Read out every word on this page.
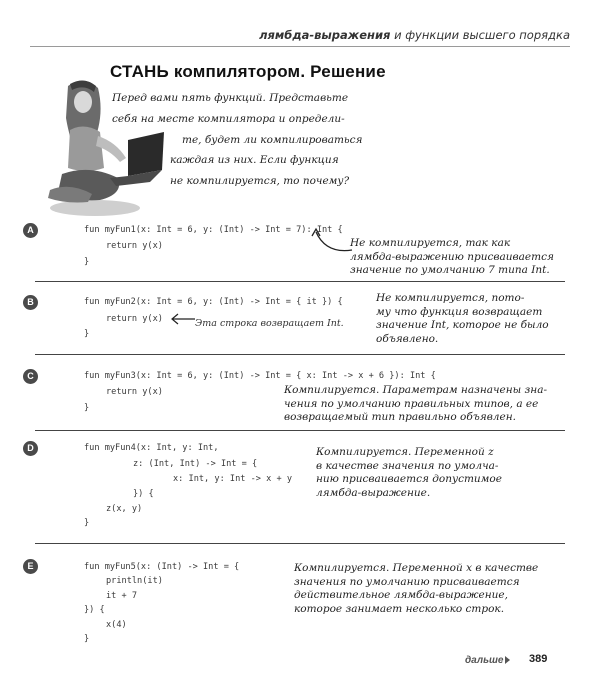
лямбда-выражения и функции высшего порядка
СТАНЬ компилятором. Решение
Перед вами пять функций. Представьте
себя на месте компилятора и определи-
те, будет ли компилироваться
каждая из них. Если функция
не компилируется, то почему?
A	fun myFun1(x: Int = 6, y: (Int) -> Int = 7): Int {
return y(x)
}
Не компилируется, так как
лямбда-выражению присваивается
значение по умолчанию 7 типа Int.
B	fun myFun2(x: Int = 6, y: (Int) -> Int = { it }) {
return y(x)
}
Эта строка возвращает Int.
Не компилируется, пото-
му что функция возвращает
значение Int, которое не было
объявлено.
C	fun myFun3(x: Int = 6, y: (Int) -> Int = { x: Int -> x + 6 }): Int {
return y(x)
}
Компилируется. Параметрам назначены зна-
чения по умолчанию правильных типов, а ее
возвращаемый тип правильно объявлен.
D	fun myFun4(x: Int, y: Int,
z: (Int, Int) -> Int = {
x: Int, y: Int -> x + y
}) {
z(x, y)
}
Компилируется. Переменной z
в качестве значения по умолча-
нию присваивается допустимое
лямбда-выражение.
E	fun myFun5(x: (Int) -> Int = {
println(it)
it + 7
}) {
x(4)
}
Компилируется. Переменной x в качестве
значения по умолчанию присваивается
действительное лямбда-выражение,
которое занимает несколько строк.
дальше 389
